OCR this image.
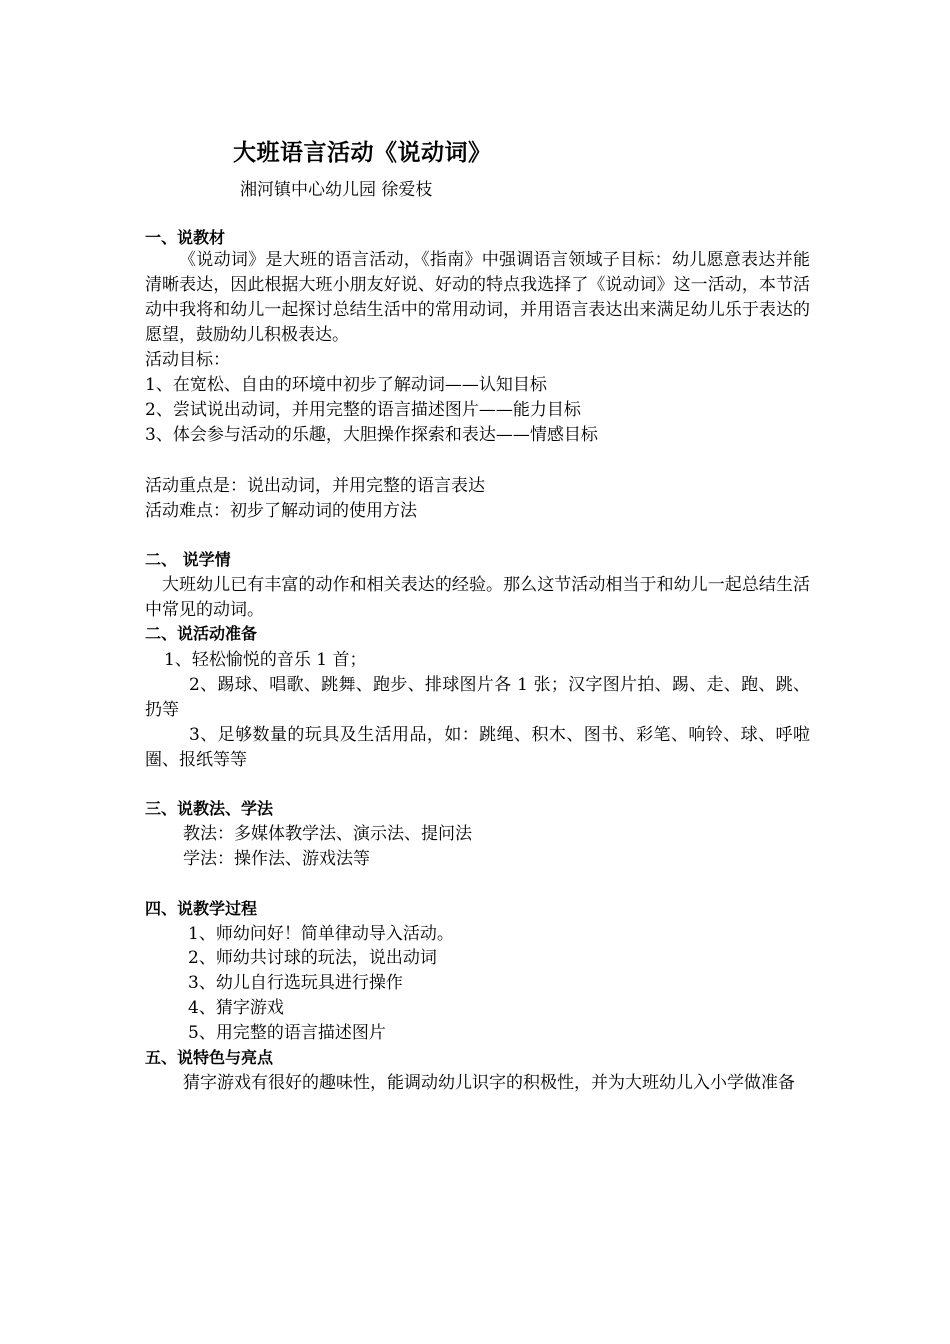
大班语言活动《说动词》
湘河镇中心幼儿园 徐爱枝
一、说教材
《说动词》是大班的语言活动，《指南》中强调语言领域子目标：幼儿愿意表达并能清晰表达，因此根据大班小朋友好说、好动的特点我选择了《说动词》这一活动，本节活动中我将和幼儿一起探讨总结生活中的常用动词，并用语言表达出来满足幼儿乐于表达的愿望，鼓励幼儿积极表达。
活动目标：
1、在宽松、自由的环境中初步了解动词——认知目标
2、尝试说出动词，并用完整的语言描述图片——能力目标
3、体会参与活动的乐趣，大胆操作探索和表达——情感目标
活动重点是：说出动词，并用完整的语言表达
活动难点：初步了解动词的使用方法
二、 说学情
大班幼儿已有丰富的动作和相关表达的经验。那么这节活动相当于和幼儿一起总结生活中常见的动词。
二、说活动准备
1、轻松愉悦的音乐 1 首；
2、踢球、唱歌、跳舞、跑步、排球图片各 1 张；汉字图片拍、踢、走、跑、跳、扔等
3、足够数量的玩具及生活用品，如：跳绳、积木、图书、彩笔、响铃、球、呼啦圈、报纸等等
三、说教法、学法
教法：多媒体教学法、演示法、提问法
学法：操作法、游戏法等
四、说教学过程
1、师幼问好！简单律动导入活动。
2、师幼共讨球的玩法，说出动词
3、幼儿自行选玩具进行操作
4、猜字游戏
5、用完整的语言描述图片
五、说特色与亮点
猜字游戏有很好的趣味性，能调动幼儿识字的积极性，并为大班幼儿入小学做准备
